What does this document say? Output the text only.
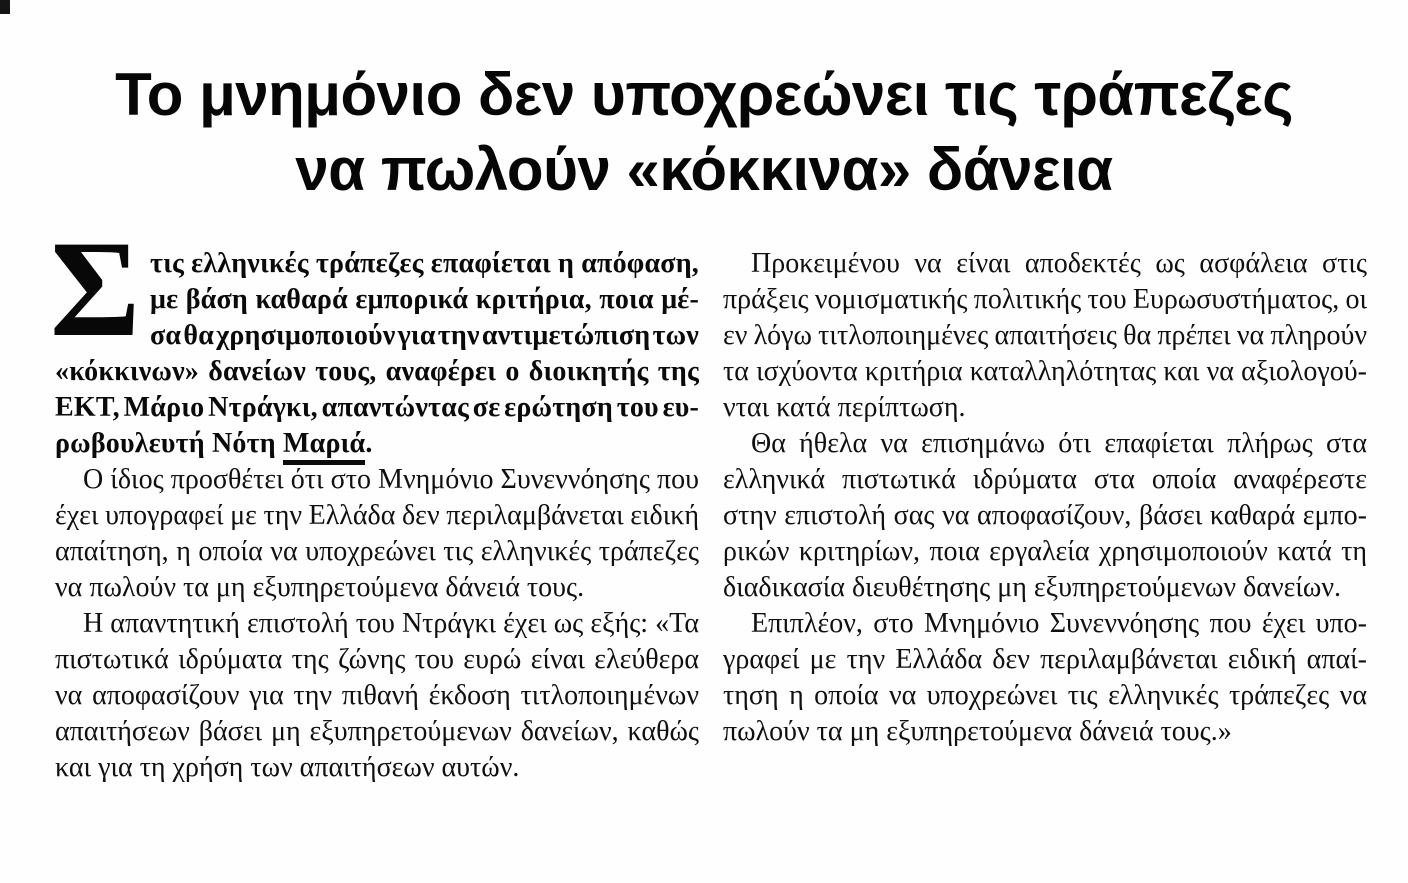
Το μνημόνιο δεν υποχρεώνει τις τράπεζες
να πωλούν «κόκκινα» δάνεια
Σ τις ελληνικές τράπεζες επαφίεται η απόφαση,
με βάση καθαρά εμπορικά κριτήρια, ποια μέ-
σα θα χρησιμοποιούν για την αντιμετώπιση των
«κόκκινων» δανείων τους, αναφέρει ο διοικητής της
ΕΚΤ, Μάριο Ντράγκι, απαντώντας σε ερώτηση του ευ-
ρωβουλευτή Νότη Μαριά.
Ο ίδιος προσθέτει ότι στο Μνημόνιο Συνεννόησης που
έχει υπογραφεί με την Ελλάδα δεν περιλαμβάνεται ειδική
απαίτηση, η οποία να υποχρεώνει τις ελληνικές τράπεζες
να πωλούν τα μη εξυπηρετούμενα δάνειά τους.
Η απαντητική επιστολή του Ντράγκι έχει ως εξής: «Τα
πιστωτικά ιδρύματα της ζώνης του ευρώ είναι ελεύθερα
να αποφασίζουν για την πιθανή έκδοση τιτλοποιημένων
απαιτήσεων βάσει μη εξυπηρετούμενων δανείων, καθώς
και για τη χρήση των απαιτήσεων αυτών.
Προκειμένου να είναι αποδεκτές ως ασφάλεια στις
πράξεις νομισματικής πολιτικής του Ευρωσυστήματος, οι
εν λόγω τιτλοποιημένες απαιτήσεις θα πρέπει να πληρούν
τα ισχύοντα κριτήρια καταλληλότητας και να αξιολογού-
νται κατά περίπτωση.
Θα ήθελα να επισημάνω ότι επαφίεται πλήρως στα
ελληνικά πιστωτικά ιδρύματα στα οποία αναφέρεστε
στην επιστολή σας να αποφασίζουν, βάσει καθαρά εμπο-
ρικών κριτηρίων, ποια εργαλεία χρησιμοποιούν κατά τη
διαδικασία διευθέτησης μη εξυπηρετούμενων δανείων.
Επιπλέον, στο Μνημόνιο Συνεννόησης που έχει υπο-
γραφεί με την Ελλάδα δεν περιλαμβάνεται ειδική απαί-
τηση η οποία να υποχρεώνει τις ελληνικές τράπεζες να
πωλούν τα μη εξυπηρετούμενα δάνειά τους.»
